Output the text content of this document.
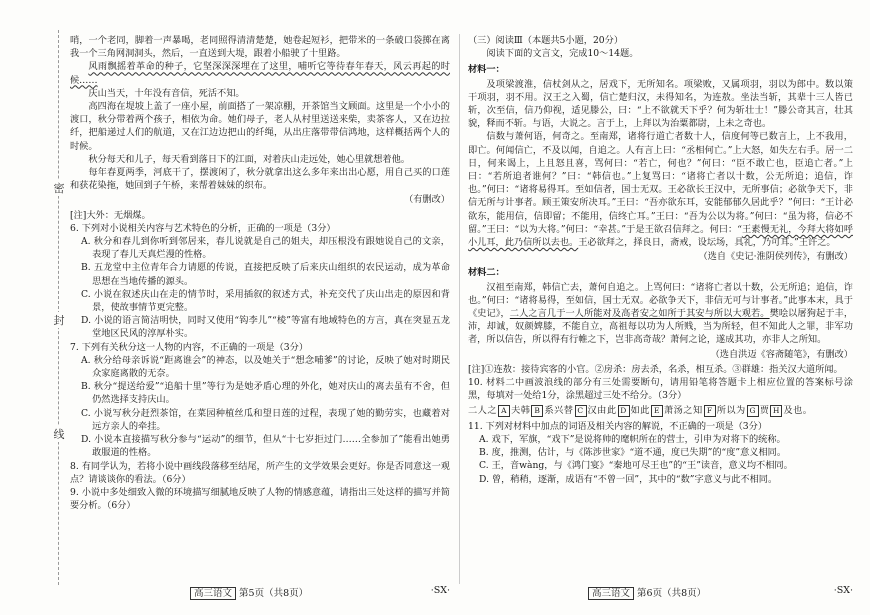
密
封
线

哨，一个老同，脚着一声暴喝，老同照得清清楚楚，她卷起短衫，把带米的一条破口袋掷在离我一个三角网洞洞头，然后，一直送到大堤，跟着小船驶了十里路。

风雨飘摇着革命的种子，它坚深深深埋在了这里，哺听它等待春年春天，风云再起的时候……

庆山当天，十年没有音信，死活不知。

高四海在堤坡上盖了一座小屋，前面搭了一架凉棚，开茶馆当文顾面。这里是一个小小的渡口，秋分带着两个孩子，相依为命。她们母子，老人从村里送送来柴，卖茶客人，又在边拉纤，把船递过人们的航道，又在江边边把山的纤绳，从出庄落带带信鸿地，这样概括两个人的时候。

秋分每天和儿子，每天看到落日下的江面，对着庆山走远处，她心里就想着他。

每年春夏两季，河底干了，摆渡闲了，秋分就拿出这么多年来出出心愿，用自己买的口莲和获花染拖，她回到子午桥，来帮着妹妹的织布。

（有删改）

[注]大外：无烟煤。

6. 下列对小说相关内容与艺术特色的分析，正确的一项是（3分）

A. 秋分和春儿到你听到邻居来，春儿说就是自己的姐夫，却压根没有跟她说自己的文亲，表现了春儿天真烂漫的性格。

B. 五龙堂中主位青年合力请愿的传说，直接把反映了后来庆山组织的农民运动，成为革命思想在当地传播的源头。

C. 小说在叙述庆山在走的情节时，采用插叙的叙述方式，补充交代了庆山出走的原因和背景，使故事情节更完整。

D. 小说的语言简洁明快，同时又使用“钩李儿”“棱”等富有地域特色的方言，真在突显五龙堂地区民风的淳厚朴实。

7. 下列有关秋分这一人物的内容，不正确的一项是（3分）

A. 秋分给母亲诉说“距离谁会”的神态，以及她关于“想念哺爹”的讨论，反映了她对时期民众家庭离散的无奈。

B. 秋分“提送给爱”“追船十里”等行为是她矛盾心理的外化，她对庆山的离去虽有不舍，但仍然选择支持庆山。

C. 小说写秋分赶烈茶馆，在菜园种植丝瓜和望日莲的过程，表现了她的勤劳实，也藏着对远方亲人的牵挂。

D. 小说本直接描写秋分参与“运动”的细节，但从“十七岁拒过门……全参加了”能看出她勇敢服道的性格。

8. 有同学认为，若将小说中画线段落移至结尾，所产生的文学效果会更好。你是否同意这一观点？请谈谈你的看法。（6分）

9. 小说中多处细致入微的环境描写细腻地反映了人物的情感意蕴，请指出三处这样的描写并简要分析。（6分）

（三）阅读Ⅲ（本题共5小题，20分）

阅读下面的文言文，完成10～14题。

材料一：

及项梁渡淮，信杖剑从之，居戏下，无所知名。项梁败，又属项羽，羽以为郎中。数以策干项羽，羽不用。汉王之入蜀，信亡楚归汉，未得知名，为连敖。坐法当斩，其辈十三人皆已斩，次至信，信乃仰视，适见滕公，曰：“上不欲就天下乎？何为斩壮士！”滕公奇其言，壮其貌，释而不斩。与语，大说之。言于上，上拜以为治粟都尉，上未之奇也。

信数与萧何语，何奇之。至南郑，诸将行道亡者数十人，信度何等已数言上，上不我用，即亡。何闻信亡，不及以闻，自追之。人有言上曰：“丞相何亡。”上大怒，如失左右手。居一二日，何来谒上，上且怒且喜，骂何曰：“若亡，何也？”何曰：“臣不敢亡也，臣追亡者。”上曰：“若所追者谁何？”曰：“韩信也。”上复骂曰：“诸将亡者以十数，公无所追；追信，诈也。”何曰：“诸将易得耳。至如信者，国士无双。王必欲长王汉中，无所事信；必欲争天下，非信无所与计事者。顾王策安所决耳。”王曰：“吾亦欲东耳，安能郁郁久居此乎？”何曰：“王计必欲东，能用信，信即留；不能用，信终亡耳。”王曰：“吾为公以为将。”何曰：“虽为将，信必不留。”王曰：“以为大将。”何曰：“幸甚。”于是王欲召信拜之。何曰：“王素慢无礼，今拜大将如呼小儿耳，此乃信所以去也。王必欲拜之，择良日，斋戒，设坛场，具礼，乃可耳。”王许之。

（选自《史记·淮阴侯列传》，有删改）

材料二：

汉祖至南郑，韩信亡去，萧何自追之。上骂何曰：“诸将亡者以十数，公无所追；追信，诈也。”何曰：“诸将易得，至如信，国士无双。必欲争天下，非信无可与计事者。”此事本末，具于《史记》，二人之言几于一人所能对及高者安之如所于其安与所以大观若。樊哙以屠狗起于丰，沛，却诚，奴颜婢膝，不能自立，高祖每以功为人所贱，当为所轻，但不知此人之罪，非军功者，所以信告，所以得有行帷之下，岂非高奇哉？萧何之论，遂成其功，亦非人之所知。

（选自洪迈《容斋随笔》，有删改）

[注]①连敖：接待宾客的小官。②房杀：房去杀，名杀，相互杀。③群雄：指关汉大道所闻。

10. 材料二中画波浪线的部分有三处需要断句，请用铅笔将答题卡上相应位置的答案标号涂黑，每填对一处给1分，涂黑超过三处不给分。（3分）

二人之 A 夫韩 B 系兴替 C 汉由此 D 如此 E 萧汤之知 F 所以为 G 贾 H 及也。

11. 下列对材料中加点的词语及相关内容的解说，不正确的一项是（3分）

A. 戏下，军旗，“戏下”是说将帅的麾帜所在的营士，引申为对将下的统称。

B. 度，推测，估计，与《陈涉世家》“道不通，度已失期”的“度”意义相同。

C. 王，音wàng，与《鸿门宴》“秦地可尽王也”的“王”读音，意义均不相同。

D. 曾，稍稍，逐渐，成语有“不曾一回”，其中的“数”字意义与此不相同。

高三语文 第5页（共8页）	·SX·	高三语文 第6页（共8页）	·SX·
